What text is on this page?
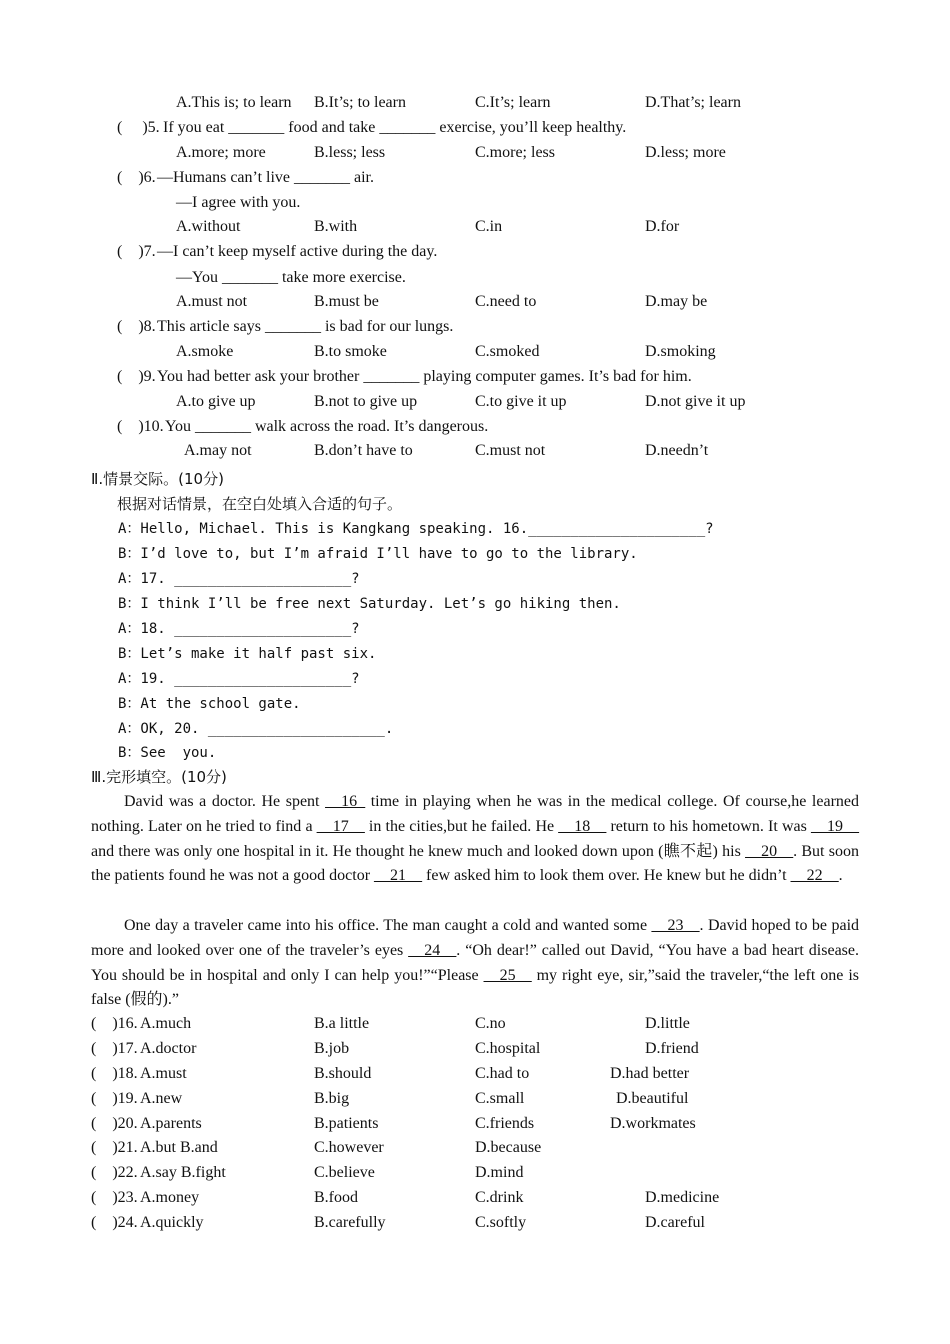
A.This is; to learn B.It’s; to learn	C.It’s; learn	D.That’s; learn
(     )5. If you eat _______ food and take _______ exercise, you’ll keep healthy.
A.more; more	B.less; less	C.more; less	D.less; more
(    )6. —Humans can’t live _______ air.
—I agree with you.
A.without	B.with	C.in	D.for
(    )7. —I can’t keep myself active during the day.
—You _______ take more exercise.
A.must not	B.must be	C.need to	D.may be
(    )8. This article says _______ is bad for our lungs.
A.smoke	B.to smoke	C.smoked	D.smoking
(    )9. You had better ask your brother _______ playing computer games. It’s bad for him.
A.to give up	B.not to give up	C.to give it up	D.not give it up
(    )10. You _______ walk across the road. It’s dangerous.
A.may not	B.don’t have to	C.must not	D.needn’t
Ⅱ.情景交际。(10分)
根据对话情景，在空白处填入合适的句子。
A：Hello, Michael. This is Kangkang speaking. 16._____________________?
B：I’d love to, but I’m afraid I’ll have to go to the library.
A：17. _____________________?
B：I think I’ll be free next Saturday. Let’s go hiking then.
A：18. _____________________?
B：Let’s make it half past six.
A：19. _____________________?
B：At the school gate.
A：OK, 20. _____________________.
B：See  you.
Ⅲ.完形填空。(10分)
David was a doctor. He spent __16_ time in playing when he was in the medical college. Of course,he learned nothing. Later on he tried to find a __17__ in the cities,but he failed. He __18__ return to his hometown. It was __19__ and there was only one hospital in it. He thought he knew much and looked down upon (瞧不起) his __20__. But soon the patients found he was not a good doctor __21__ few asked him to look them over. He knew but he didn’t __22__.
One day a traveler came into his office. The man caught a cold and wanted some __23__. David hoped to be paid more and looked over one of the traveler’s eyes __24__. “Oh dear!” called out David, “You have a bad heart disease. You should be in hospital and only I can help you!”“Please __25__ my right eye, sir,”said the traveler,“the left one is false (假的).”
(    )16. A.much	B.a little	C.no	D.little
(    )17. A.doctor	B.job	C.hospital	D.friend
(    )18. A.must	B.should	C.had to	D.had better
(    )19. A.new	B.big	C.small	D.beautiful
(    )20. A.parents	B.patients	C.friends	D.workmates
(    )21. A.but B.and	C.however	D.because
(    )22. A.say B.fight	C.believe	D.mind
(    )23. A.money	B.food	C.drink	D.medicine
(    )24. A.quickly	B.carefully	C.softly	D.careful
